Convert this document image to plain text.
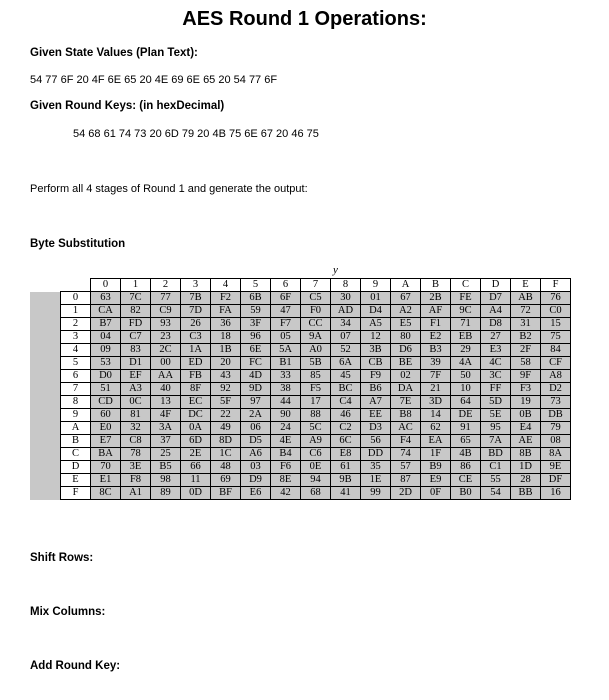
AES Round 1 Operations:
Given State Values (Plan Text):
54 77 6F 20 4F 6E 65 20 4E 69 6E 65 20 54 77 6F
Given Round Keys: (in hexDecimal)
54 68 61 74 73 20 6D 79 20 4B 75 6E 67 20 46 75
Perform all 4 stages of Round 1 and generate the output:
Byte Substitution
y
		0	1	2	3	4	5	6	7	8	9	A	B	C	D	E	F
	0	63	7C	77	7B	F2	6B	6F	C5	30	01	67	2B	FE	D7	AB	76
	1	CA	82	C9	7D	FA	59	47	F0	AD	D4	A2	AF	9C	A4	72	C0
	2	B7	FD	93	26	36	3F	F7	CC	34	A5	E5	F1	71	D8	31	15
	3	04	C7	23	C3	18	96	05	9A	07	12	80	E2	EB	27	B2	75
	4	09	83	2C	1A	1B	6E	5A	A0	52	3B	D6	B3	29	E3	2F	84
	5	53	D1	00	ED	20	FC	B1	5B	6A	CB	BE	39	4A	4C	58	CF
	6	D0	EF	AA	FB	43	4D	33	85	45	F9	02	7F	50	3C	9F	A8
	7	51	A3	40	8F	92	9D	38	F5	BC	B6	DA	21	10	FF	F3	D2
	8	CD	0C	13	EC	5F	97	44	17	C4	A7	7E	3D	64	5D	19	73
	9	60	81	4F	DC	22	2A	90	88	46	EE	B8	14	DE	5E	0B	DB
	A	E0	32	3A	0A	49	06	24	5C	C2	D3	AC	62	91	95	E4	79
	B	E7	C8	37	6D	8D	D5	4E	A9	6C	56	F4	EA	65	7A	AE	08
	C	BA	78	25	2E	1C	A6	B4	C6	E8	DD	74	1F	4B	BD	8B	8A
	D	70	3E	B5	66	48	03	F6	0E	61	35	57	B9	86	C1	1D	9E
	E	E1	F8	98	11	69	D9	8E	94	9B	1E	87	E9	CE	55	28	DF
	F	8C	A1	89	0D	BF	E6	42	68	41	99	2D	0F	B0	54	BB	16
Shift Rows:
Mix Columns:
Add Round Key:
